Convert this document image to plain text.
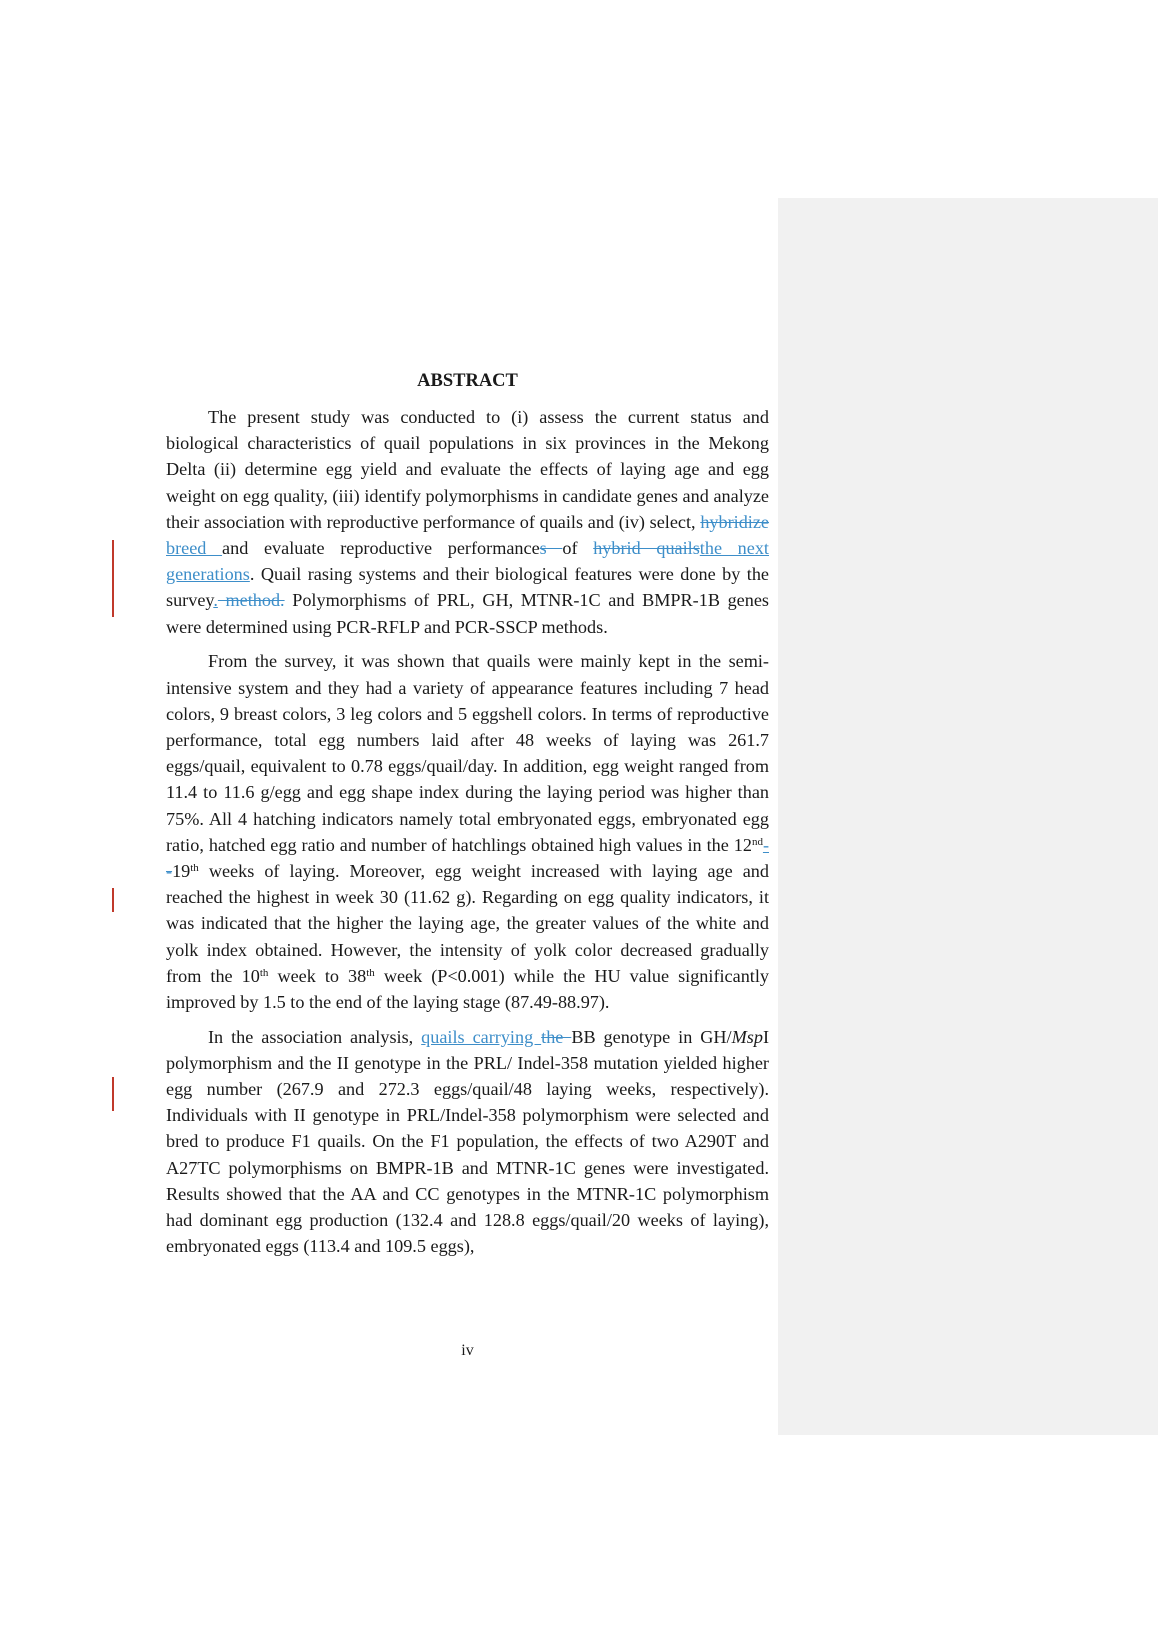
ABSTRACT

The present study was conducted to (i) assess the current status and biological characteristics of quail populations in six provinces in the Mekong Delta (ii) determine egg yield and evaluate the effects of laying age and egg weight on egg quality, (iii) identify polymorphisms in candidate genes and analyze their association with reproductive performance of quails and (iv) select, hybridize breed and evaluate reproductive performances of hybrid quailsthe next generations. Quail rasing systems and their biological features were done by the survey. method. Polymorphisms of PRL, GH, MTNR-1C and BMPR-1B genes were determined using PCR-RFLP and PCR-SSCP methods.

From the survey, it was shown that quails were mainly kept in the semi-intensive system and they had a variety of appearance features including 7 head colors, 9 breast colors, 3 leg colors and 5 eggshell colors. In terms of reproductive performance, total egg numbers laid after 48 weeks of laying was 261.7 eggs/quail, equivalent to 0.78 eggs/quail/day. In addition, egg weight ranged from 11.4 to 11.6 g/egg and egg shape index during the laying period was higher than 75%. All 4 hatching indicators namely total embryonated eggs, embryonated egg ratio, hatched egg ratio and number of hatchlings obtained high values in the 12nd--19th weeks of laying. Moreover, egg weight increased with laying age and reached the highest in week 30 (11.62 g). Regarding on egg quality indicators, it was indicated that the higher the laying age, the greater values of the white and yolk index obtained. However, the intensity of yolk color decreased gradually from the 10th week to 38th week (P<0.001) while the HU value significantly improved by 1.5 to the end of the laying stage (87.49-88.97).

In the association analysis, quails carrying the BB genotype in GH/MspI polymorphism and the II genotype in the PRL/ Indel-358 mutation yielded higher egg number (267.9 and 272.3 eggs/quail/48 laying weeks, respectively). Individuals with II genotype in PRL/Indel-358 polymorphism were selected and bred to produce F1 quails. On the F1 population, the effects of two A290T and A27TC polymorphisms on BMPR-1B and MTNR-1C genes were investigated. Results showed that the AA and CC genotypes in the MTNR-1C polymorphism had dominant egg production (132.4 and 128.8 eggs/quail/20 weeks of laying), embryonated eggs (113.4 and 109.5 eggs),

iv
